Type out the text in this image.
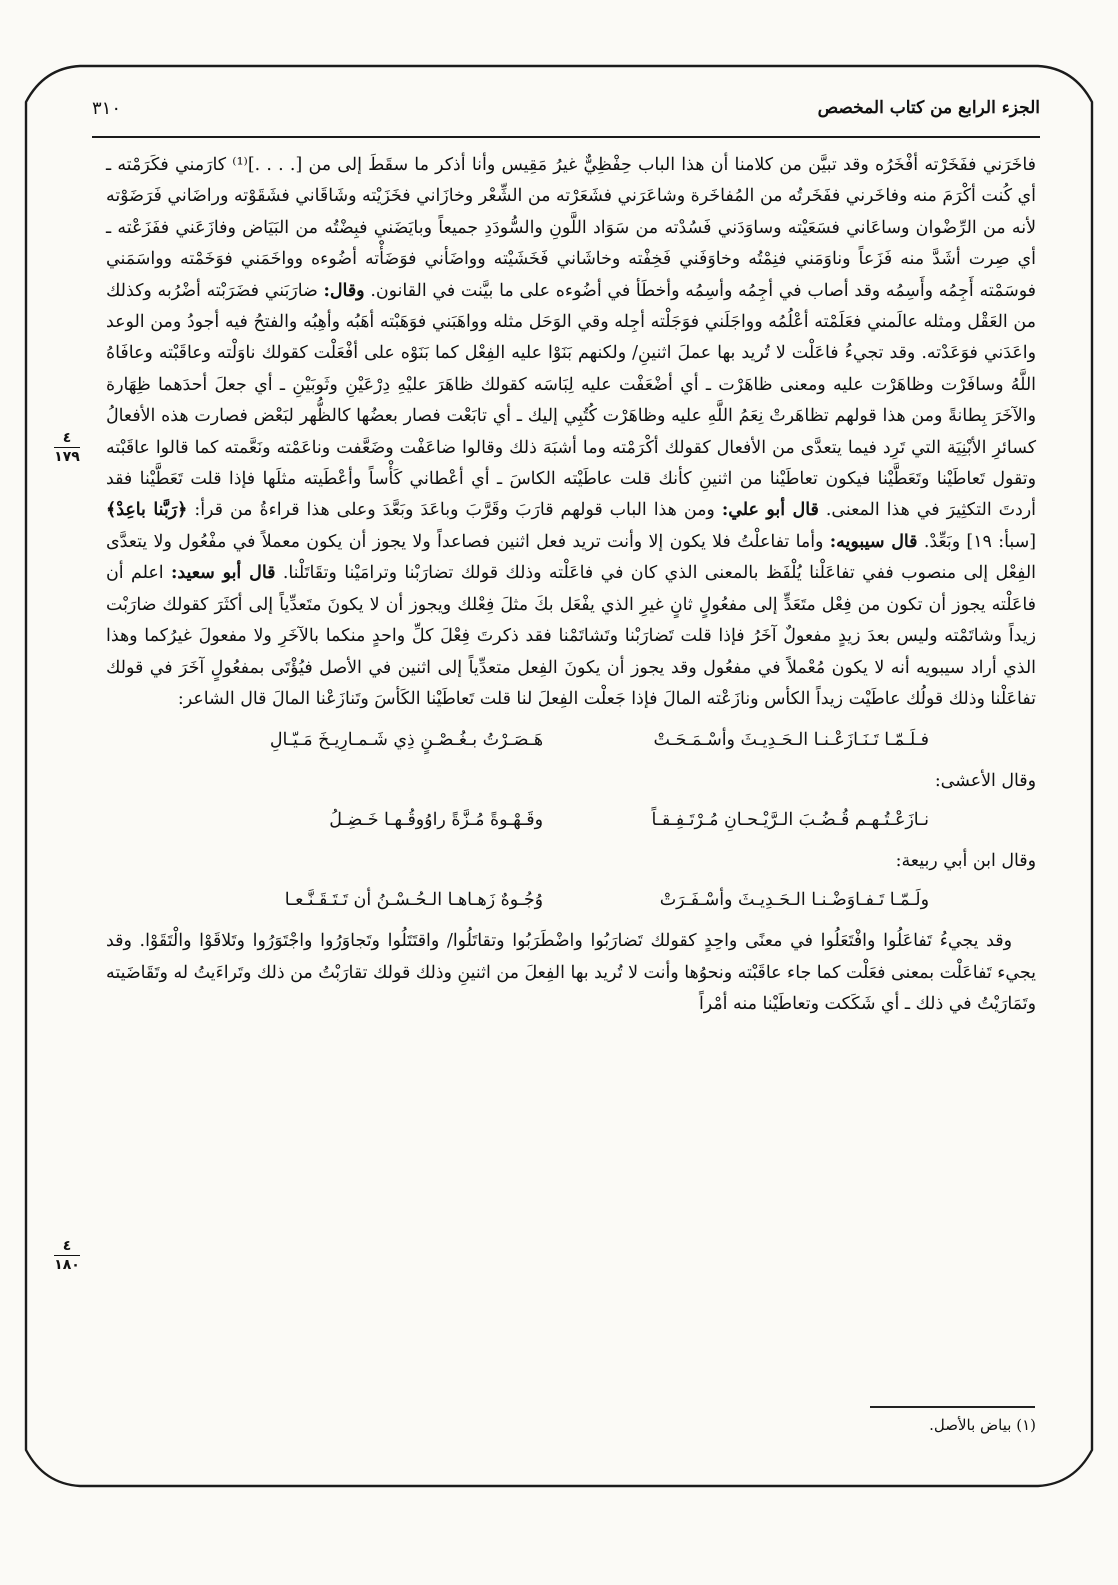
الجزء الرابع من كتاب المخصص
٣١٠
٤
١٧٩
٤
١٨٠

فاخَرَني ففَخَرْته أفْخَرُه وقد تبيَّن من كلامنا أن هذا الباب حِفْظِيٌّ غيرُ مَقِيس وأنا أذكر ما سقَطَ إلى من [. . . .]⁽¹⁾ كارَمني فكَرَمْته ـ أي كُنت أكْرَمَ منه وفاخَرني ففَخَرتُه من المُفاخَرة وشاعَرَني فشَعَرْته من الشِّعْر وخازَاني فخَزَيْته وشَاقَاني فشَقَوْته وراضَاني فَرَضَوْته لأنه من الرِّضْوان وساعَاني فسَعَيْته وساوَدَني فَسُدْته من سَوَاد اللَّونِ والسُّودَدِ جميعاً وبايَضَني فبِضْتُه من البَيَاض وفازَعَني ففَزَعْته ـ أي صِرت أشَدَّ منه فَزَعاً وناوَمَني فنِمْتُه وخاوَفَني فَخِفْته وخاشَاني فَخَشَيْته وواضَأني فوَضَأْته أضُوءه وواخَمَني فوَخَمْته وواسَمَني فوسَمْته أَجِمُه وأَسِمُه وقد أصاب في أجِمُه وأسِمُه وأخطَأ في أضُوءه على ما بيَّنت في القانون. وقال: ضارَبَني فضَرَبْته أضْرُبه وكذلك من العَقْل ومثله عالَمني فعَلَمْته أعْلُمُه وواجَلَني فوَجَلْته أجِله وقي الوَحَل مثله وواهَبَني فوَهَبْته أهَبُه وأهِبُه والفتحُ فيه أجودُ ومن الوعد واعَدَني فوَعَدْته. وقد تجيءُ فاعَلْت لا تُريد بها عملَ اثنينِ/ ولكنهم بَنَوْا عليه الفِعْل كما بَنَوْه على أفْعَلْت كقولك ناوَلْته وعاقَبْته وعافَاهُ اللَّهُ وسافَرْت وظاهَرْت عليه ومعنى ظاهَرْت ـ أي أضْعَفْت عليه لِبَاسَه كقولك ظاهَرَ عليْهِ دِرْعَيْنِ وثَوبَيْنِ ـ أي جعلَ أحدَهما ظِهَارة والآخَرَ بِطانةً ومن هذا قولهم تظاهَرتْ نِعَمُ اللَّهِ عليه وظاهَرْت كُتُبِي إليك ـ أي تابَعْت فصار بعضُها كالظُّهر لبَعْض فصارت هذه الأفعالُ كسائرِ الأبْنِيَة التي تَرِد فيما يتعدَّى من الأفعال كقولك أكْرَمْته وما أشبَهَ ذلك وقالوا ضاعَفْت وضَعَّفت وناعَمْته ونَعَّمته كما قالوا عاقَبْته وتقول تَعاطَيْنا وتَعَطَّيْنا فيكون تعاطَيْنا من اثنينِ كأنك قلت عاطَيْته الكاسَ ـ أي أعْطاني كَأْساً وأعْطَيته مثلَها فإذا قلت تَعَطَّيْنا فقد أردتَ التكثِيرَ في هذا المعنى. قال أبو علي: ومن هذا الباب قولهم قارَبَ وقَرَّبَ وباعَدَ وبَعَّدَ وعلى هذا قراءةُ من قرأ: ﴿رَبَّنا باعِدْ﴾ [سبأ: ١٩] وبَعِّدْ. قال سيبويه: وأما تفاعلْتُ فلا يكون إلا وأنت تريد فعل اثنين فصاعداً ولا يجوز أن يكون معملاً في مفْعُول ولا يتعدَّى الفِعْل إلى منصوب ففي تفاعَلْنا يُلْفَظ بالمعنى الذي كان في فاعَلْته وذلك قولك تضارَبْنا وترامَيْنا وتقَاتَلْنا. قال أبو سعيد: اعلم أن فاعَلْته يجوز أن تكون من فِعْل متَعَدٍّ إلى مفعُولٍ ثانٍ غيرِ الذي يفْعَل بكَ مثلَ فِعْلك ويجوز أن لا يكونَ متَعدِّياً إلى أكثَرَ كقولك ضارَبْت زيداً وشاتَمْته وليس بعدَ زيدٍ مفعولٌ آخَرُ فإذا قلت تَضارَبْنا وتَشاتَمْنا فقد ذكرتَ فِعْلَ كلِّ واحدٍ منكما بالآخَرِ ولا مفعولَ غيرُكما وهذا الذي أراد سيبويه أنه لا يكون مُعْملاً في مفعُول وقد يجوز أن يكونَ الفِعل متعدِّياً إلى اثنين في الأصل فيُؤْتَى بمفعُولٍ آخَرَ في قولك تفاعَلْنا وذلك قولُك عاطَيْت زيداً الكأس ونازَعْته المالَ فإذا جَعلْت الفِعلَ لنا قلت تَعاطَيْنا الكَأسَ وتَنازَعْنا المالَ قال الشاعر:

فـلَـمّـا تَـنَـازَعْـنـا الـحَـدِيـثَ وأسْـمَـحَـتْ
هَـصَـرْتُ بـغُـصْـنٍ ذِي شَـمـارِيـخَ مَـيّـالِ

وقال الأعشى:

نـازَعْـتُـهـم قُـضُـبَ الـرَّيْـحـانِ مُـرْتَـفِـقـاً
وقَـهْـوةً مُـزَّةً راوُوقُـهـا خَـضِـلُ

وقال ابن أبي ربيعة:

ولَـمّـا تَـفـاوَضْـنـا الـحَـدِيـثَ وأسْـفَـرَتْ
وُجُـوهٌ زَهـاهـا الـحُـسْـنُ أن تَـتَـقَـنَّـعـا

وقد يجيءُ تَفاعَلُوا وافْتَعَلُوا في معنًى واحِدٍ كقولك تَضارَبُوا واضْطَرَبُوا وتقاتَلُوا/ واقتَتَلُوا وتَجاوَرُوا واجْتَوَرُوا وتَلاقَوْا والْتَقَوْا. وقد يجيء تَفاعَلْت بمعنى فعَلْت كما جاء عاقَبْته ونحوُها وأنت لا تُريد بها الفِعلَ من اثنينِ وذلك قولك تقارَبْتُ من ذلك وتَراءَيتُ له وتَقَاضَيته وتَمَارَيْتُ في ذلك ـ أي شَكَكت وتعاطَيْنا منه أمْراً

(١) بياض بالأصل.
